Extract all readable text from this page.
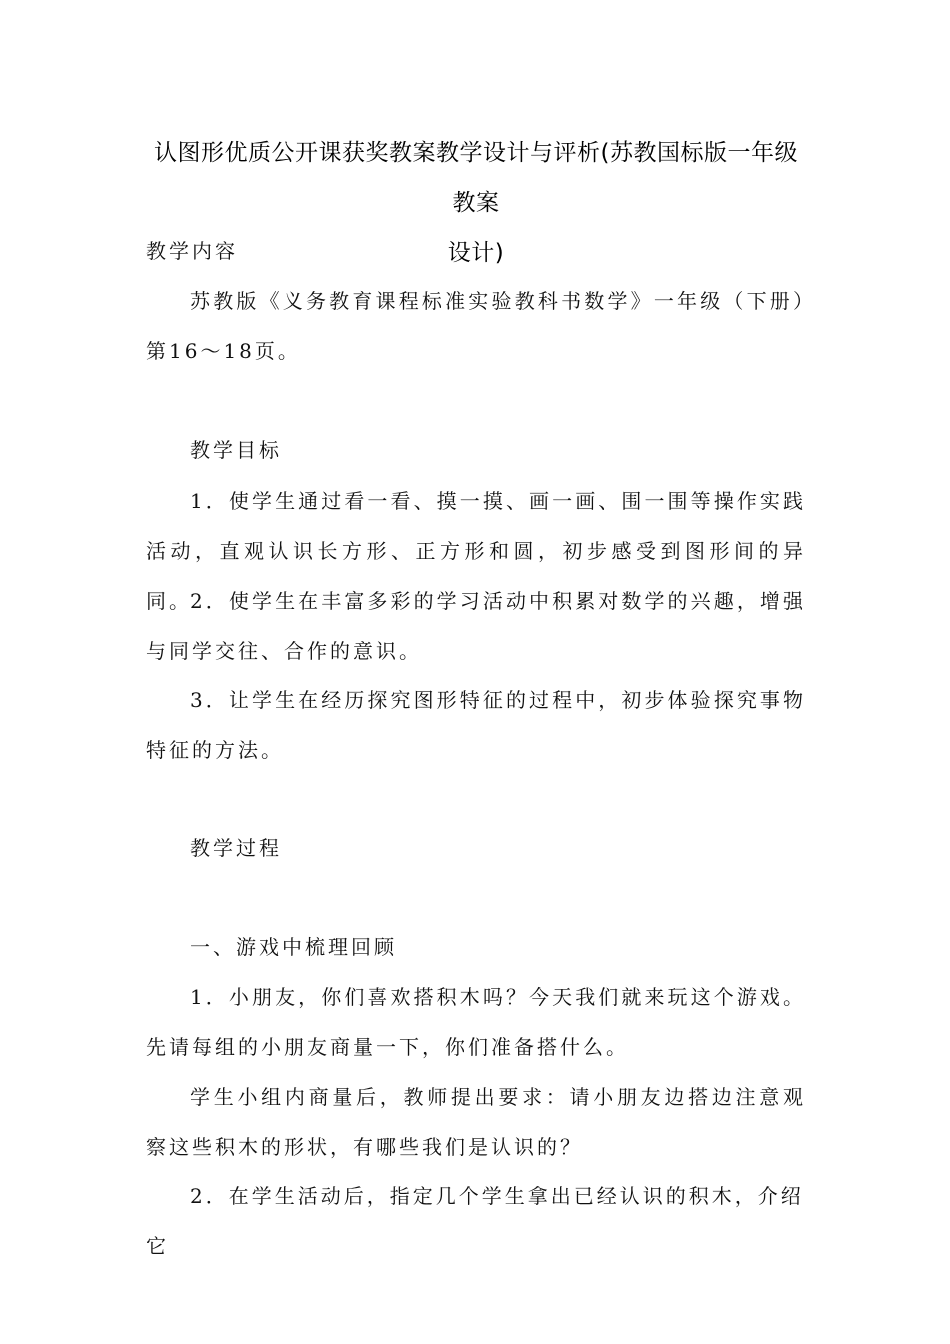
认图形优质公开课获奖教案教学设计与评析(苏教国标版一年级教案
设计)
教学内容
苏教版《义务教育课程标准实验教科书数学》一年级（下册）第16～18页。
教学目标
1．使学生通过看一看、摸一摸、画一画、围一围等操作实践活动，直观认识长方形、正方形和圆，初步感受到图形间的异同。
2．使学生在丰富多彩的学习活动中积累对数学的兴趣，增强与同学交往、合作的意识。
3．让学生在经历探究图形特征的过程中，初步体验探究事物特征的方法。
教学过程
一、游戏中梳理回顾
1．小朋友，你们喜欢搭积木吗？今天我们就来玩这个游戏。先请每组的小朋友商量一下，你们准备搭什么。
学生小组内商量后，教师提出要求：请小朋友边搭边注意观察这些积木的形状，有哪些我们是认识的？
2．在学生活动后，指定几个学生拿出已经认识的积木，介绍它
